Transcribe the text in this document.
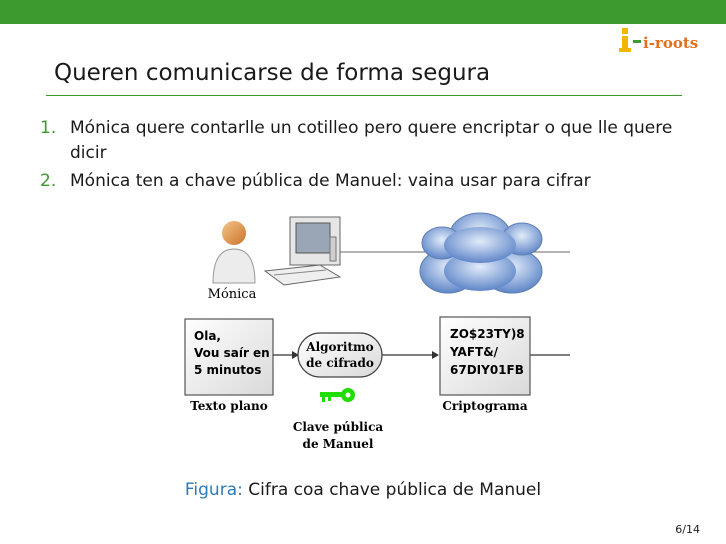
i-roots
Queren comunicarse de forma segura
1. Mónica quere contarlle un cotilleo pero quere encriptar o que lle quere dicir
2. Mónica ten a chave pública de Manuel: vaina usar para cifrar
Mónica
Ola,
Vou saír en
5 minutos
Texto plano
Algoritmo
de cifrado
Clave pública
de Manuel
ZO$23TY)8
YAFT&/
67DIY01FB
Criptograma
Figura: Cifra coa chave pública de Manuel
6/14
